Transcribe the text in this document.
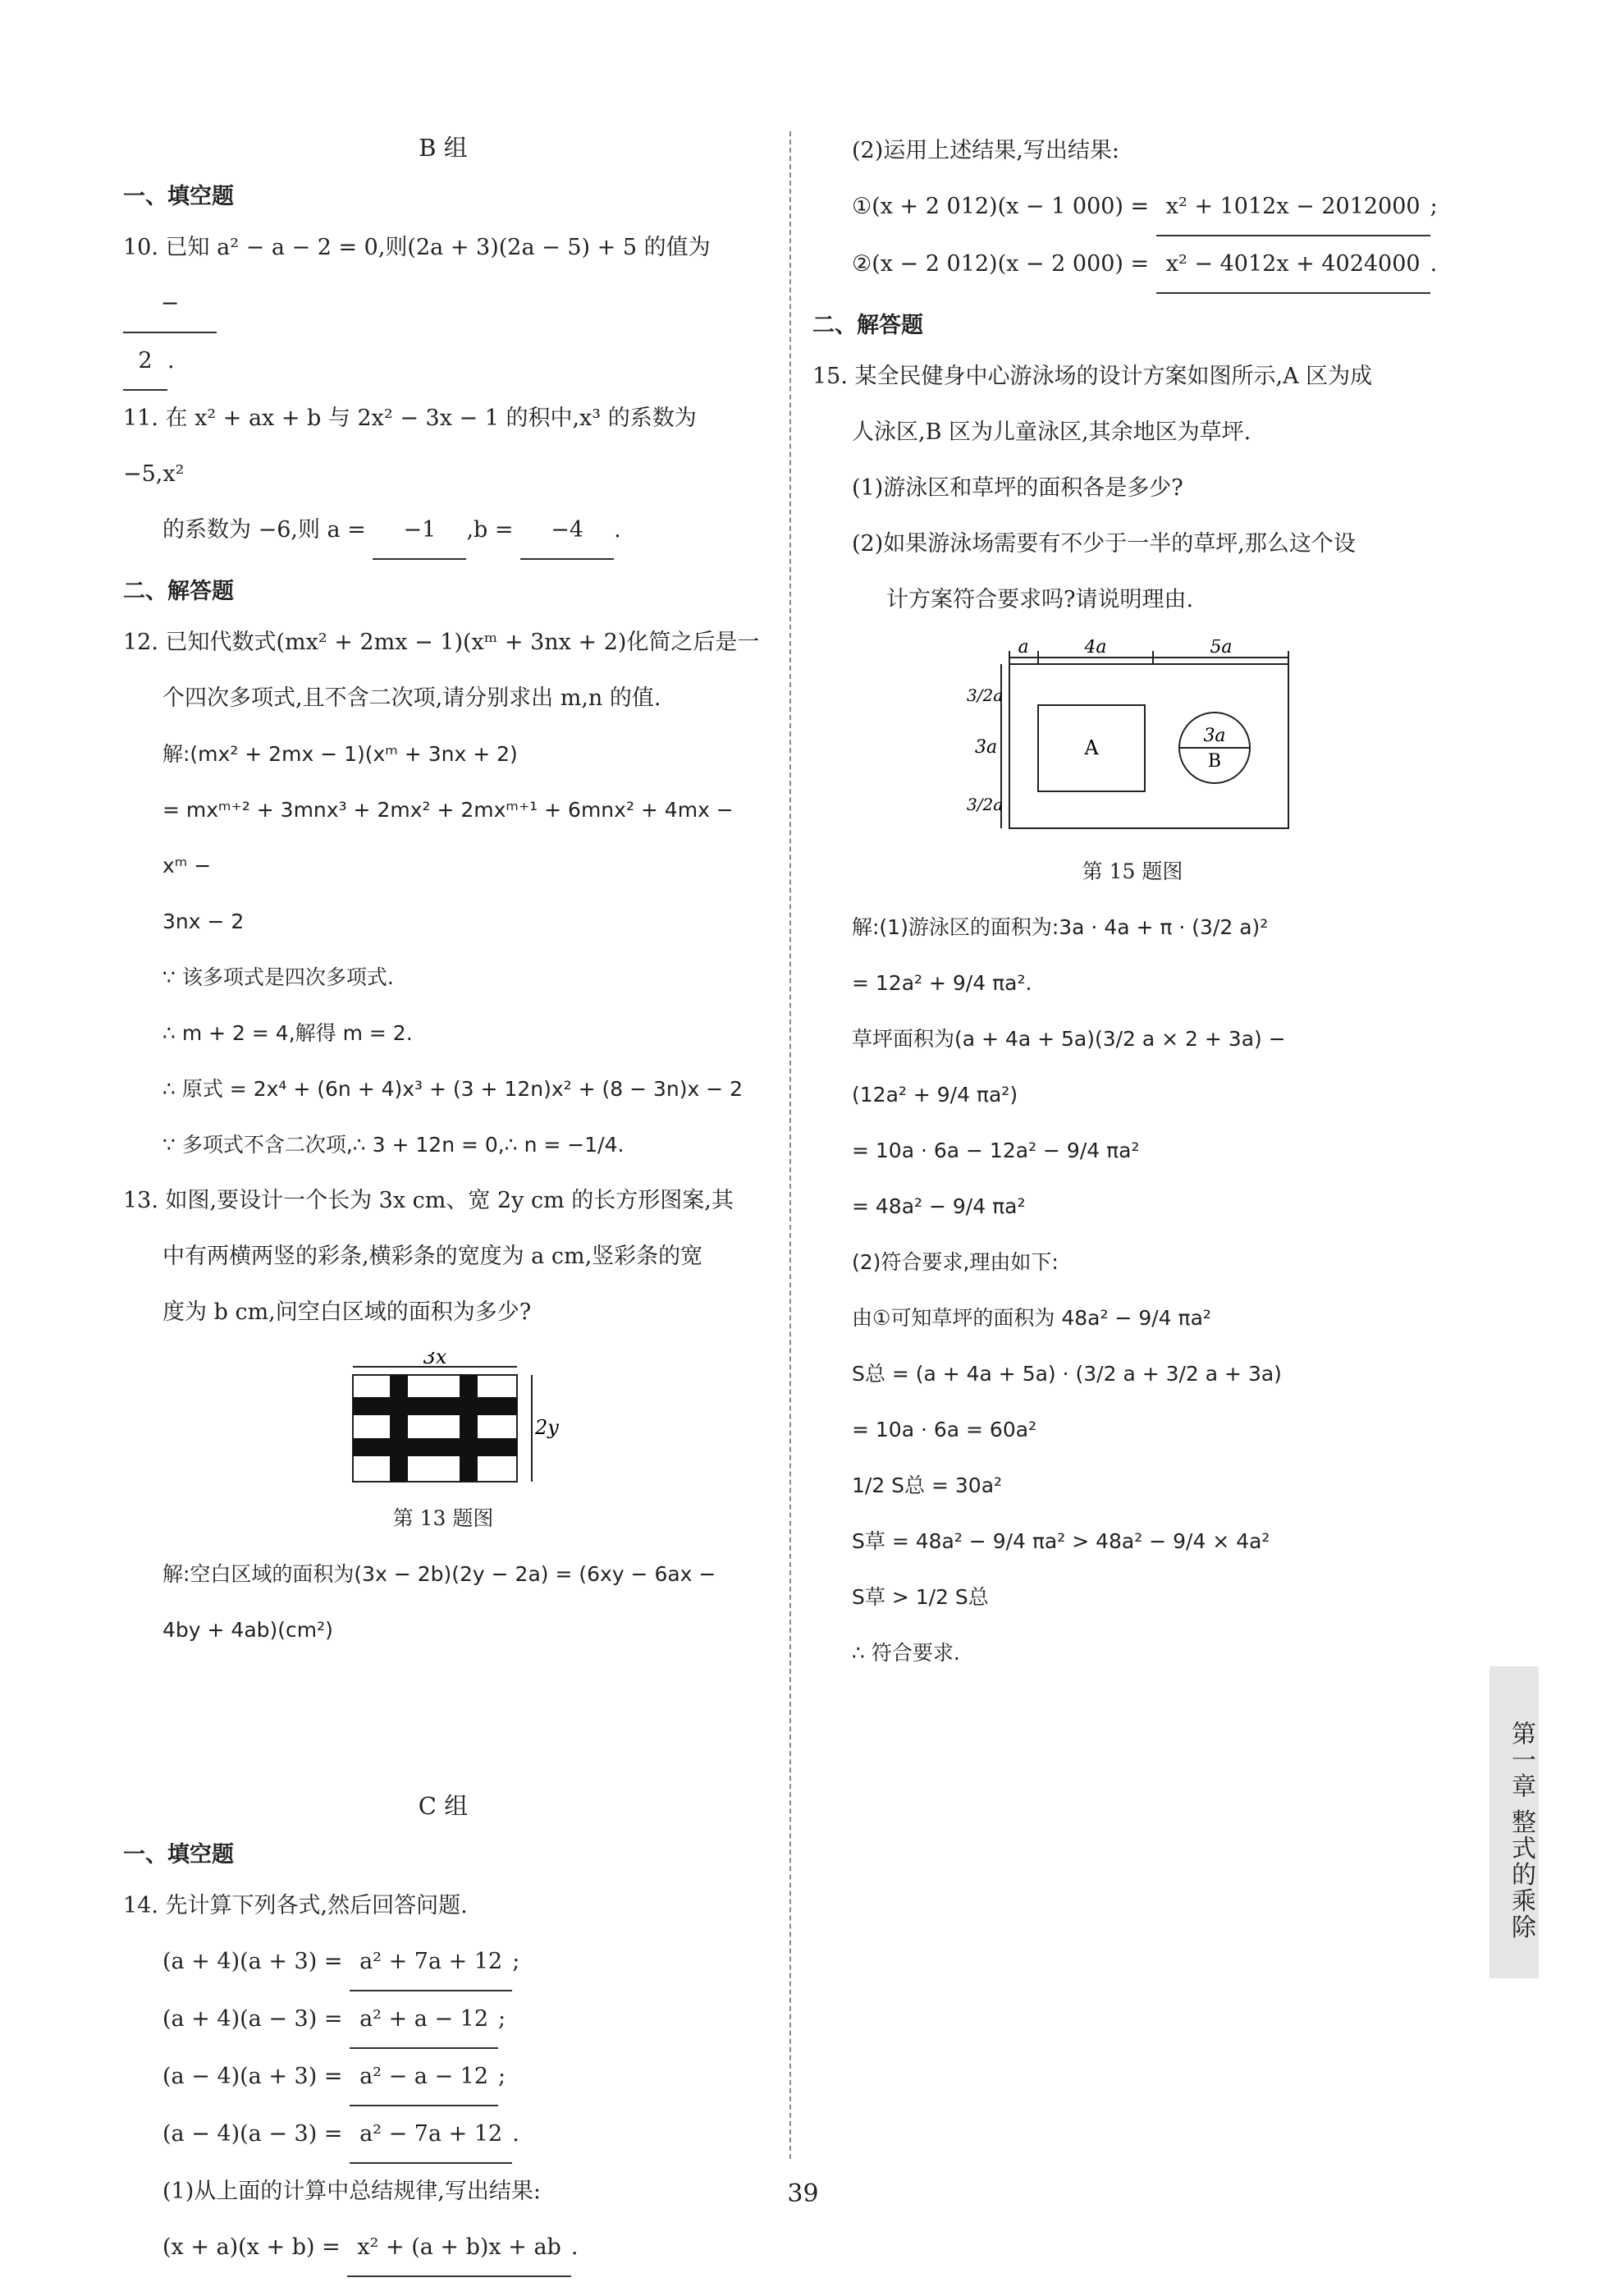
B 组
一、填空题

10. 已知 a² − a − 2 = 0,则(2a + 3)(2a − 5) + 5 的值为 −

2 .

11. 在 x² + ax + b 与 2x² − 3x − 1 的积中,x³ 的系数为 −5,x²

的系数为 −6,则 a = −1 ,b = −4 .

二、解答题

12. 已知代数式(mx² + 2mx − 1)(xᵐ + 3nx + 2)化简之后是一

个四次多项式,且不含二次项,请分别求出 m,n 的值.

解:(mx² + 2mx − 1)(xᵐ + 3nx + 2)

= mxᵐ⁺² + 3mnx³ + 2mx² + 2mxᵐ⁺¹ + 6mnx² + 4mx − xᵐ −

3nx − 2

∵ 该多项式是四次多项式.

∴ m + 2 = 4,解得 m = 2.

∴ 原式 = 2x⁴ + (6n + 4)x³ + (3 + 12n)x² + (8 − 3n)x − 2

∵ 多项式不含二次项,∴ 3 + 12n = 0,∴ n = −1/4.

13. 如图,要设计一个长为 3x cm、宽 2y cm 的长方形图案,其

中有两横两竖的彩条,横彩条的宽度为 a cm,竖彩条的宽

度为 b cm,问空白区域的面积为多少?

3x
2y
第 13 题图

解:空白区域的面积为(3x − 2b)(2y − 2a) = (6xy − 6ax −

4by + 4ab)(cm²)

C 组
一、填空题

14. 先计算下列各式,然后回答问题.

(a + 4)(a + 3) = a² + 7a + 12 ;

(a + 4)(a − 3) = a² + a − 12 ;

(a − 4)(a + 3) = a² − a − 12 ;

(a − 4)(a − 3) = a² − 7a + 12 .

(1)从上面的计算中总结规律,写出结果:

(x + a)(x + b) = x² + (a + b)x + ab .

(2)运用上述结果,写出结果:

①(x + 2 012)(x − 1 000) = x² + 1012x − 2012000 ;

②(x − 2 012)(x − 2 000) = x² − 4012x + 4024000 .

二、解答题

15. 某全民健身中心游泳场的设计方案如图所示,A 区为成

人泳区,B 区为儿童泳区,其余地区为草坪.

(1)游泳区和草坪的面积各是多少?

(2)如果游泳场需要有不少于一半的草坪,那么这个设

计方案符合要求吗?请说明理由.

a	4a	5a
3/2a
3a
3/2a
A
3a
B
第 15 题图

解:(1)游泳区的面积为:3a · 4a + π · (3/2 a)²

= 12a² + 9/4 πa².

草坪面积为(a + 4a + 5a)(3/2 a × 2 + 3a) −

(12a² + 9/4 πa²)

= 10a · 6a − 12a² − 9/4 πa²

= 48a² − 9/4 πa²

(2)符合要求,理由如下:

由①可知草坪的面积为 48a² − 9/4 πa²

S总 = (a + 4a + 5a) · (3/2 a + 3/2 a + 3a)

= 10a · 6a = 60a²

1/2 S总 = 30a²

S草 = 48a² − 9/4 πa² > 48a² − 9/4 × 4a²

S草 > 1/2 S总

∴ 符合要求.

第一章 整式的乘除
39
